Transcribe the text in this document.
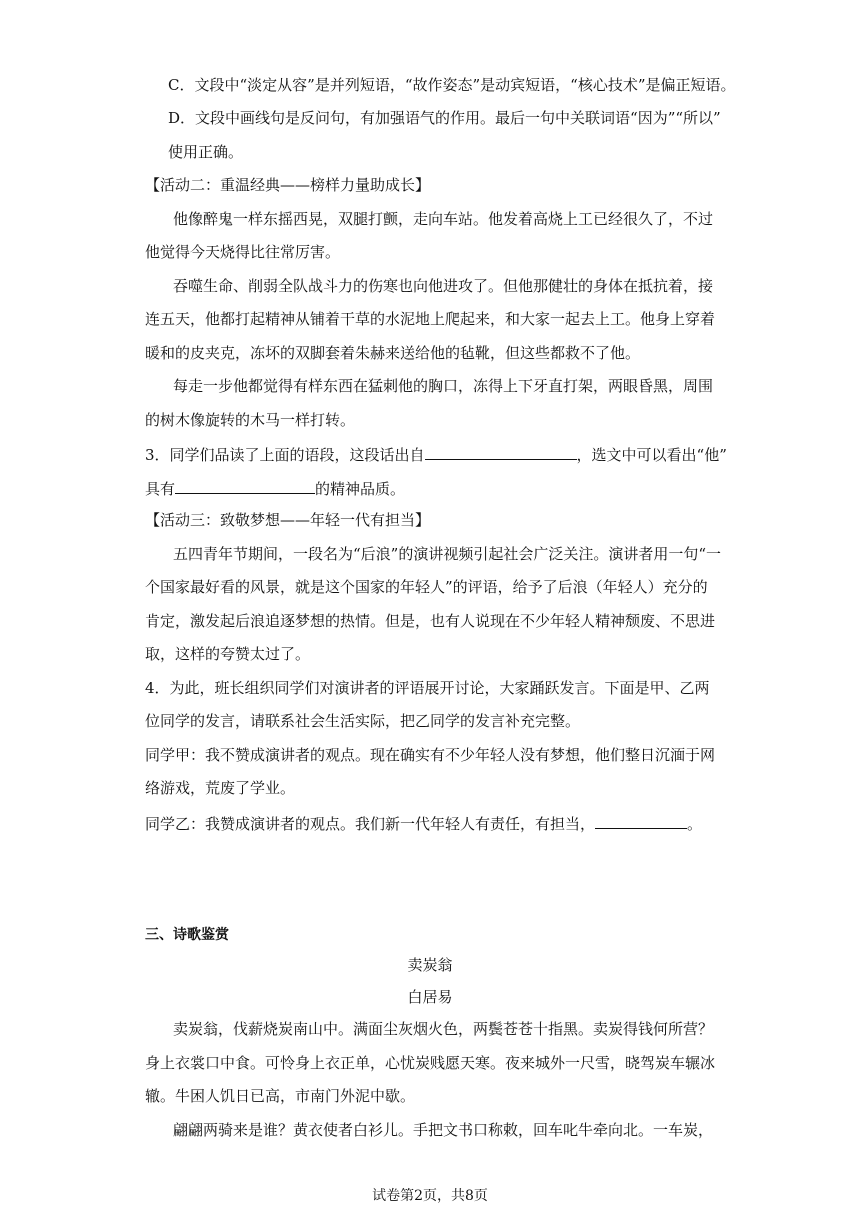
C．文段中“淡定从容”是并列短语，“故作姿态”是动宾短语，“核心技术”是偏正短语。
D．文段中画线句是反问句，有加强语气的作用。最后一句中关联词语“因为”“所以”
使用正确。
【活动二：重温经典——榜样力量助成长】
他像醉鬼一样东摇西晃，双腿打颤，走向车站。他发着高烧上工已经很久了，不过
他觉得今天烧得比往常厉害。
吞噬生命、削弱全队战斗力的伤寒也向他进攻了。但他那健壮的身体在抵抗着，接
连五天，他都打起精神从铺着干草的水泥地上爬起来，和大家一起去上工。他身上穿着
暖和的皮夹克，冻坏的双脚套着朱赫来送给他的毡靴，但这些都救不了他。
每走一步他都觉得有样东西在猛刺他的胸口，冻得上下牙直打架，两眼昏黑，周围
的树木像旋转的木马一样打转。
3．同学们品读了上面的语段，这段话出自	，选文中可以看出“他”
具有	的精神品质。
【活动三：致敬梦想——年轻一代有担当】
五四青年节期间，一段名为“后浪”的演讲视频引起社会广泛关注。演讲者用一句“一
个国家最好看的风景，就是这个国家的年轻人”的评语，给予了后浪（年轻人）充分的
肯定，激发起后浪追逐梦想的热情。但是，也有人说现在不少年轻人精神颓废、不思进
取，这样的夸赞太过了。
4．为此，班长组织同学们对演讲者的评语展开讨论，大家踊跃发言。下面是甲、乙两
位同学的发言，请联系社会生活实际，把乙同学的发言补充完整。
同学甲：我不赞成演讲者的观点。现在确实有不少年轻人没有梦想，他们整日沉湎于网
络游戏，荒废了学业。
同学乙：我赞成演讲者的观点。我们新一代年轻人有责任，有担当，	。
三、诗歌鉴赏
卖炭翁
白居易
卖炭翁，伐薪烧炭南山中。满面尘灰烟火色，两鬓苍苍十指黑。卖炭得钱何所营？
身上衣裳口中食。可怜身上衣正单，心忧炭贱愿天寒。夜来城外一尺雪，晓驾炭车辗冰
辙。牛困人饥日已高，市南门外泥中歇。
翩翩两骑来是谁？黄衣使者白衫儿。手把文书口称敕，回车叱牛牵向北。一车炭，
试卷第2页，共8页
